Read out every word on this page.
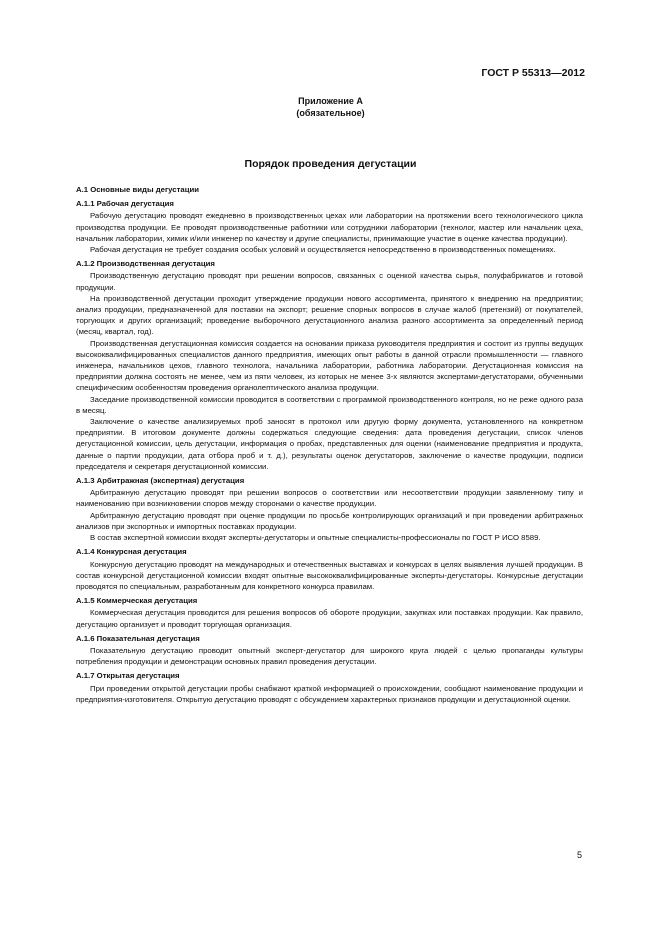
ГОСТ Р 55313—2012
Приложение А
(обязательное)
Порядок проведения дегустации
А.1 Основные виды дегустации
А.1.1 Рабочая дегустация

Рабочую дегустацию проводят ежедневно в производственных цехах или лаборатории на протяжении всего технологического цикла производства продукции. Ее проводят производственные работники или сотрудники лаборатории (технолог, мастер или начальник цеха, начальник лаборатории, химик и/или инженер по качеству и другие специалисты, принимающие участие в оценке качества продукции).

Рабочая дегустация не требует создания особых условий и осуществляется непосредственно в производственных помещениях.

А.1.2 Производственная дегустация

Производственную дегустацию проводят при решении вопросов, связанных с оценкой качества сырья, полуфабрикатов и готовой продукции.

На производственной дегустации проходит утверждение продукции нового ассортимента, принятого к внедрению на предприятии; анализ продукции, предназначенной для поставки на экспорт; решение спорных вопросов в случае жалоб (претензий) от покупателей, торгующих и других организаций; проведение выборочного дегустационного анализа разного ассортимента за определенный период (месяц, квартал, год).

Производственная дегустационная комиссия создается на основании приказа руководителя предприятия и состоит из группы ведущих высококвалифицированных специалистов данного предприятия, имеющих опыт работы в данной отрасли промышленности — главного инженера, начальников цехов, главного технолога, начальника лаборатории, работника лаборатории. Дегустационная комиссия на предприятии должна состоять не менее, чем из пяти человек, из которых не менее 3-х являются экспертами-дегустаторами, обученными специфическим особенностям проведения органолептического анализа продукции.

Заседание производственной комиссии проводится в соответствии с программой производственного контроля, но не реже одного раза в месяц.

Заключение о качестве анализируемых проб заносят в протокол или другую форму документа, установленного на конкретном предприятии. В итоговом документе должны содержаться следующие сведения: дата проведения дегустации, список членов дегустационной комиссии, цель дегустации, информация о пробах, представленных для оценки (наименование предприятия и продукта, данные о партии продукции, дата отбора проб и т. д.), результаты оценок дегустаторов, заключение о качестве продукции, подписи председателя и секретаря дегустационной комиссии.

А.1.3 Арбитражная (экспертная) дегустация

Арбитражную дегустацию проводят при решении вопросов о соответствии или несоответствии продукции заявленному типу и наименованию при возникновении споров между сторонами о качестве продукции.

Арбитражную дегустацию проводят при оценке продукции по просьбе контролирующих организаций и при проведении арбитражных анализов при экспортных и импортных поставках продукции.

В состав экспертной комиссии входят эксперты-дегустаторы и опытные специалисты-профессионалы по ГОСТ Р ИСО 8589.

А.1.4 Конкурсная дегустация

Конкурсную дегустацию проводят на международных и отечественных выставках и конкурсах в целях выявления лучшей продукции. В состав конкурсной дегустационной комиссии входят опытные высококвалифицированные эксперты-дегустаторы. Конкурсные дегустации проводятся по специальным, разработанным для конкретного конкурса правилам.

А.1.5 Коммерческая дегустация

Коммерческая дегустация проводится для решения вопросов об обороте продукции, закупках или поставках продукции. Как правило, дегустацию организует и проводит торгующая организация.

А.1.6 Показательная дегустация

Показательную дегустацию проводит опытный эксперт-дегустатор для широкого круга людей с целью пропаганды культуры потребления продукции и демонстрации основных правил проведения дегустации.

А.1.7 Открытая дегустация

При проведении открытой дегустации пробы снабжают краткой информацией о происхождении, сообщают наименование продукции и предприятия-изготовителя. Открытую дегустацию проводят с обсуждением характерных признаков продукции и дегустационной оценки.

5
